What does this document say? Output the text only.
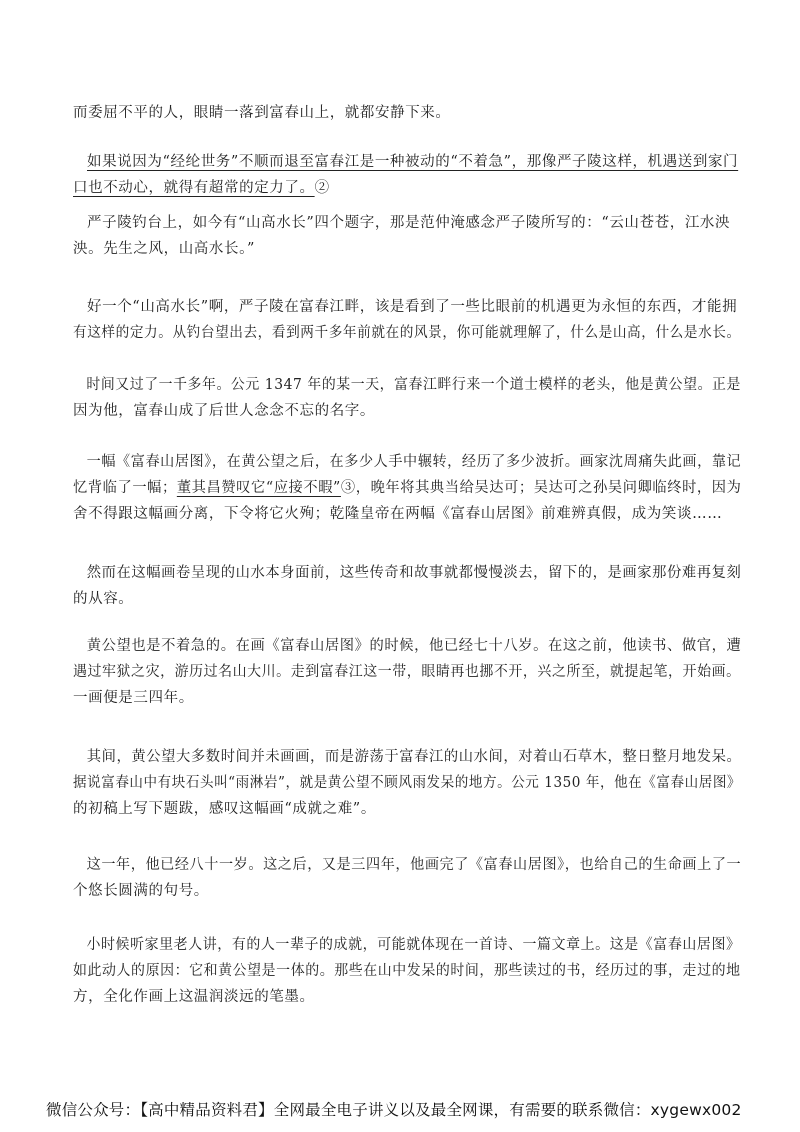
而委屈不平的人，眼睛一落到富春山上，就都安静下来。

如果说因为“经纶世务”不顺而退至富春江是一种被动的“不着急”，那像严子陵这样，机遇送到家门
口也不动心，就得有超常的定力了。②

严子陵钓台上，如今有“山高水长”四个题字，那是范仲淹感念严子陵所写的：“云山苍苍，江水泱
泱。先生之风，山高水长。”

好一个“山高水长”啊，严子陵在富春江畔，该是看到了一些比眼前的机遇更为永恒的东西，才能拥
有这样的定力。从钓台望出去，看到两千多年前就在的风景，你可能就理解了，什么是山高，什么是水长。

时间又过了一千多年。公元 1347 年的某一天，富春江畔行来一个道士模样的老头，他是黄公望。正是
因为他，富春山成了后世人念念不忘的名字。

一幅《富春山居图》，在黄公望之后，在多少人手中辗转，经历了多少波折。画家沈周痛失此画，靠记
忆背临了一幅；董其昌赞叹它“应接不暇”③，晚年将其典当给吴达可；吴达可之孙吴问卿临终时，因为
舍不得跟这幅画分离，下令将它火殉；乾隆皇帝在两幅《富春山居图》前难辨真假，成为笑谈……

然而在这幅画卷呈现的山水本身面前，这些传奇和故事就都慢慢淡去，留下的，是画家那份难再复刻
的从容。

黄公望也是不着急的。在画《富春山居图》的时候，他已经七十八岁。在这之前，他读书、做官，遭
遇过牢狱之灾，游历过名山大川。走到富春江这一带，眼睛再也挪不开，兴之所至，就提起笔，开始画。
一画便是三四年。

其间，黄公望大多数时间并未画画，而是游荡于富春江的山水间，对着山石草木，整日整月地发呆。
据说富春山中有块石头叫“雨淋岩”，就是黄公望不顾风雨发呆的地方。公元 1350 年，他在《富春山居图》
的初稿上写下题跋，感叹这幅画“成就之难”。

这一年，他已经八十一岁。这之后，又是三四年，他画完了《富春山居图》，也给自己的生命画上了一
个悠长圆满的句号。

小时候听家里老人讲，有的人一辈子的成就，可能就体现在一首诗、一篇文章上。这是《富春山居图》
如此动人的原因：它和黄公望是一体的。那些在山中发呆的时间，那些读过的书，经历过的事，走过的地
方，全化作画上这温润淡远的笔墨。

微信公众号：【高中精品资料君】全网最全电子讲义以及最全网课，有需要的联系微信：xygewx002
